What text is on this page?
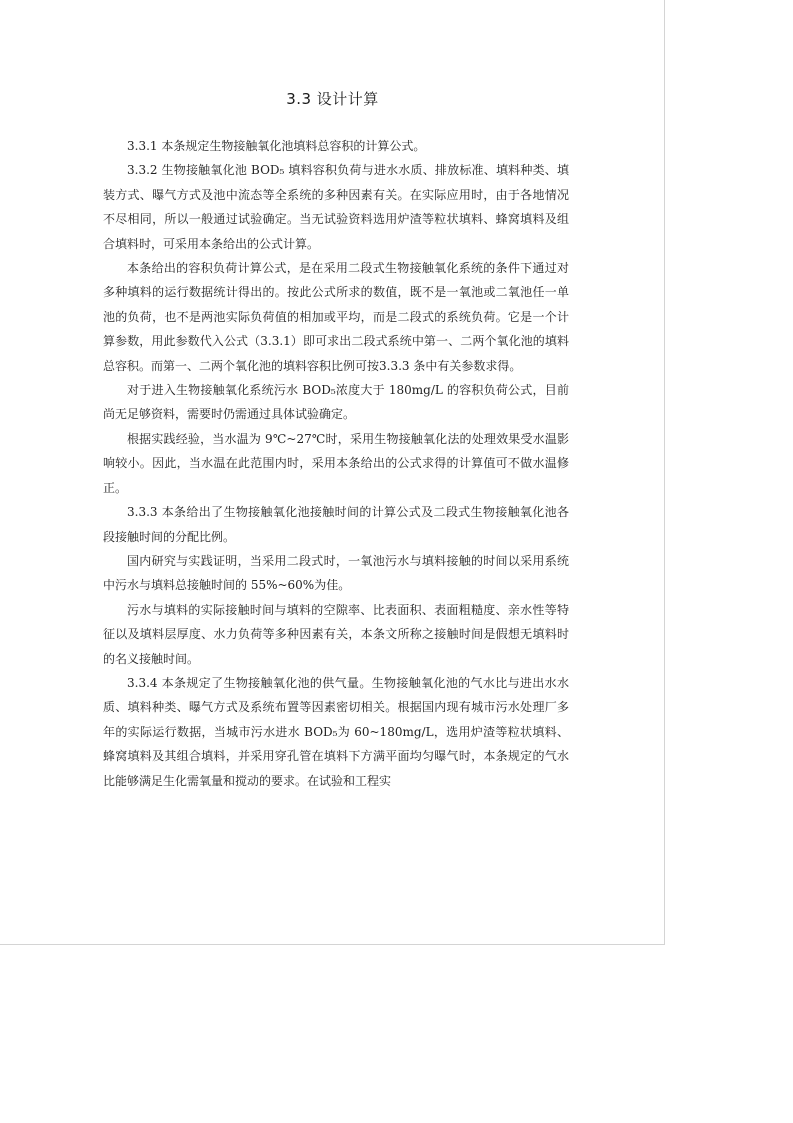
3.3 设计计算

3.3.1 本条规定生物接触氧化池填料总容积的计算公式。

3.3.2 生物接触氧化池 BOD₅ 填料容积负荷与进水水质、排放标准、填料种类、填装方式、曝气方式及池中流态等全系统的多种因素有关。在实际应用时，由于各地情况不尽相同，所以一般通过试验确定。当无试验资料选用炉渣等粒状填料、蜂窝填料及组合填料时，可采用本条给出的公式计算。

本条给出的容积负荷计算公式，是在采用二段式生物接触氧化系统的条件下通过对多种填料的运行数据统计得出的。按此公式所求的数值，既不是一氧池或二氧池任一单池的负荷，也不是两池实际负荷值的相加或平均，而是二段式的系统负荷。它是一个计算参数，用此参数代入公式（3.3.1）即可求出二段式系统中第一、二两个氧化池的填料总容积。而第一、二两个氧化池的填料容积比例可按3.3.3 条中有关参数求得。

对于进入生物接触氧化系统污水 BOD₅浓度大于 180mg/L 的容积负荷公式，目前尚无足够资料，需要时仍需通过具体试验确定。

根据实践经验，当水温为 9℃~27℃时，采用生物接触氧化法的处理效果受水温影响较小。因此，当水温在此范围内时，采用本条给出的公式求得的计算值可不做水温修正。

3.3.3 本条给出了生物接触氧化池接触时间的计算公式及二段式生物接触氧化池各段接触时间的分配比例。

国内研究与实践证明，当采用二段式时，一氧池污水与填料接触的时间以采用系统中污水与填料总接触时间的 55%~60%为佳。

污水与填料的实际接触时间与填料的空隙率、比表面积、表面粗糙度、亲水性等特征以及填料层厚度、水力负荷等多种因素有关，本条文所称之接触时间是假想无填料时的名义接触时间。

3.3.4 本条规定了生物接触氧化池的供气量。生物接触氧化池的气水比与进出水水质、填料种类、曝气方式及系统布置等因素密切相关。根据国内现有城市污水处理厂多年的实际运行数据，当城市污水进水 BOD₅为 60~180mg/L，选用炉渣等粒状填料、蜂窝填料及其组合填料，并采用穿孔管在填料下方满平面均匀曝气时，本条规定的气水比能够满足生化需氧量和搅动的要求。在试验和工程实
